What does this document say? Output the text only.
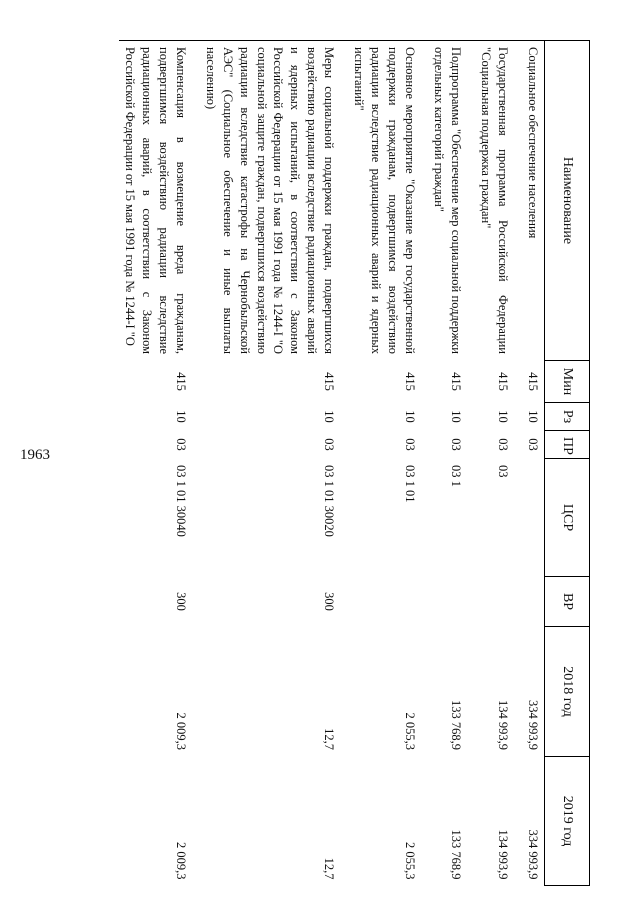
1963
Наименование	Мин	Рз	ПР	ЦСР	ВР	2018 год	2019 год
Социальное обеспечение населения	415	10	03			334 993,9	334 993,9
Государственная программа Российской Федерации "Социальная поддержка граждан"	415	10	03	03		134 993,9	134 993,9
Подпрограмма "Обеспечение мер социальной поддержки отдельных категорий граждан"	415	10	03	03 1		133 768,9	133 768,9
Основное мероприятие "Оказание мер государственной поддержки гражданам, подвергшимся воздействию радиации вследствие радиационных аварий и ядерных испытаний"	415	10	03	03 1 01		2 055,3	2 055,3
Меры социальной поддержки граждан, подвергшихся воздействию радиации вследствие радиационных аварий и ядерных испытаний, в соответствии с Законом Российской Федерации от 15 мая 1991 года № 1244-I "О социальной защите граждан, подвергшихся воздействию радиации вследствие катастрофы на Чернобыльской АЭС" (Социальное обеспечение и иные выплаты населению)	415	10	03	03 1 01 30020	300	12,7	12,7
Компенсация в возмещение вреда гражданам, подвергшимся воздействию радиации вследствие радиационных аварий, в соответствии с Законом Российской Федерации от 15 мая 1991 года № 1244-I "О	415	10	03	03 1 01 30040	300	2 009,3	2 009,3
